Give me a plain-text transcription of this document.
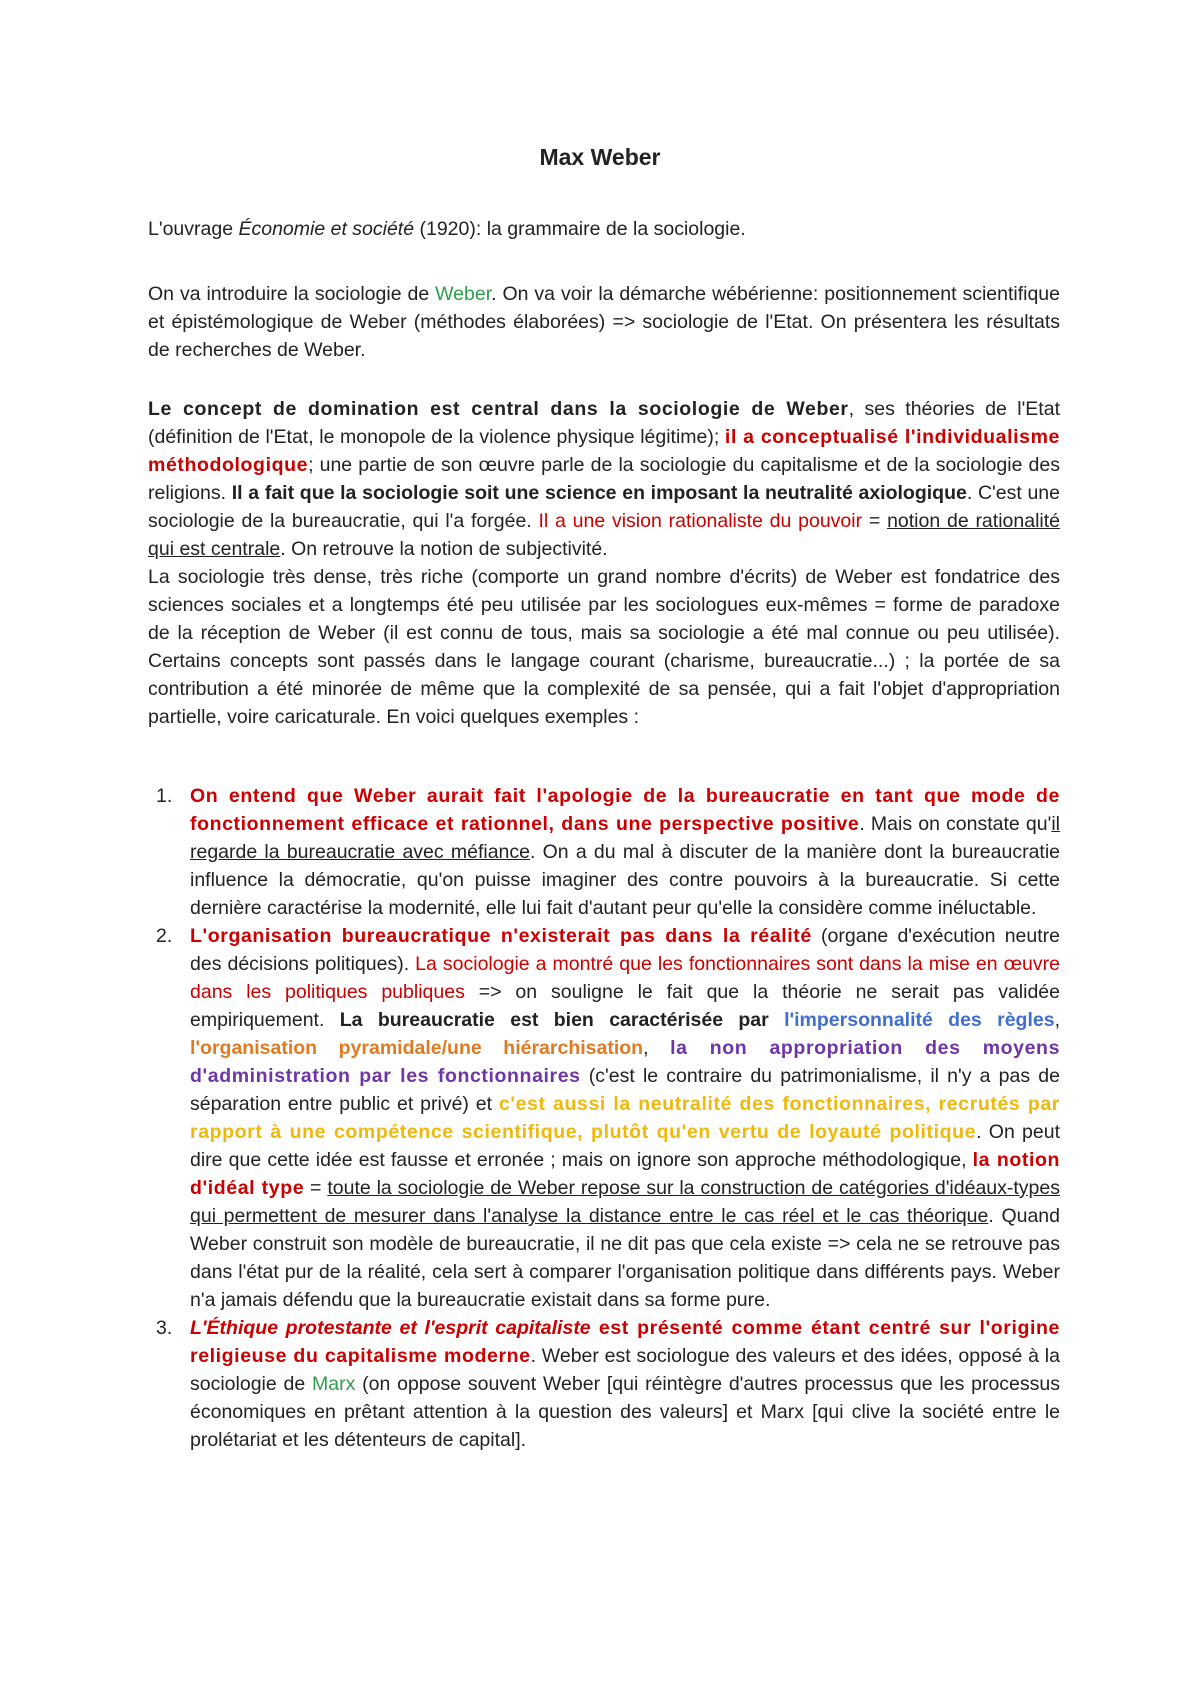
Max Weber
L'ouvrage Économie et société (1920): la grammaire de la sociologie.
On va introduire la sociologie de Weber. On va voir la démarche wébérienne: positionnement scientifique et épistémologique de Weber (méthodes élaborées) => sociologie de l'Etat. On présentera les résultats de recherches de Weber.
Le concept de domination est central dans la sociologie de Weber, ses théories de l'Etat (définition de l'Etat, le monopole de la violence physique légitime); il a conceptualisé l'individualisme méthodologique; une partie de son œuvre parle de la sociologie du capitalisme et de la sociologie des religions. Il a fait que la sociologie soit une science en imposant la neutralité axiologique. C'est une sociologie de la bureaucratie, qui l'a forgée. Il a une vision rationaliste du pouvoir = notion de rationalité qui est centrale. On retrouve la notion de subjectivité.
La sociologie très dense, très riche (comporte un grand nombre d'écrits) de Weber est fondatrice des sciences sociales et a longtemps été peu utilisée par les sociologues eux-mêmes = forme de paradoxe de la réception de Weber (il est connu de tous, mais sa sociologie a été mal connue ou peu utilisée). Certains concepts sont passés dans le langage courant (charisme, bureaucratie...) ; la portée de sa contribution a été minorée de même que la complexité de sa pensée, qui a fait l'objet d'appropriation partielle, voire caricaturale. En voici quelques exemples :
1. On entend que Weber aurait fait l'apologie de la bureaucratie en tant que mode de fonctionnement efficace et rationnel, dans une perspective positive. Mais on constate qu'il regarde la bureaucratie avec méfiance. On a du mal à discuter de la manière dont la bureaucratie influence la démocratie, qu'on puisse imaginer des contre pouvoirs à la bureaucratie. Si cette dernière caractérise la modernité, elle lui fait d'autant peur qu'elle la considère comme inéluctable.
2. L'organisation bureaucratique n'existerait pas dans la réalité (organe d'exécution neutre des décisions politiques). La sociologie a montré que les fonctionnaires sont dans la mise en œuvre dans les politiques publiques => on souligne le fait que la théorie ne serait pas validée empiriquement. La bureaucratie est bien caractérisée par l'impersonnalité des règles, l'organisation pyramidale/une hiérarchisation, la non appropriation des moyens d'administration par les fonctionnaires (c'est le contraire du patrimonialisme, il n'y a pas de séparation entre public et privé) et c'est aussi la neutralité des fonctionnaires, recrutés par rapport à une compétence scientifique, plutôt qu'en vertu de loyauté politique. On peut dire que cette idée est fausse et erronée ; mais on ignore son approche méthodologique, la notion d'idéal type = toute la sociologie de Weber repose sur la construction de catégories d'idéaux-types qui permettent de mesurer dans l'analyse la distance entre le cas réel et le cas théorique. Quand Weber construit son modèle de bureaucratie, il ne dit pas que cela existe => cela ne se retrouve pas dans l'état pur de la réalité, cela sert à comparer l'organisation politique dans différents pays. Weber n'a jamais défendu que la bureaucratie existait dans sa forme pure.
3. L'Éthique protestante et l'esprit capitaliste est présenté comme étant centré sur l'origine religieuse du capitalisme moderne. Weber est sociologue des valeurs et des idées, opposé à la sociologie de Marx (on oppose souvent Weber [qui réintègre d'autres processus que les processus économiques en prêtant attention à la question des valeurs] et Marx [qui clive la société entre le prolétariat et les détenteurs de capital].
